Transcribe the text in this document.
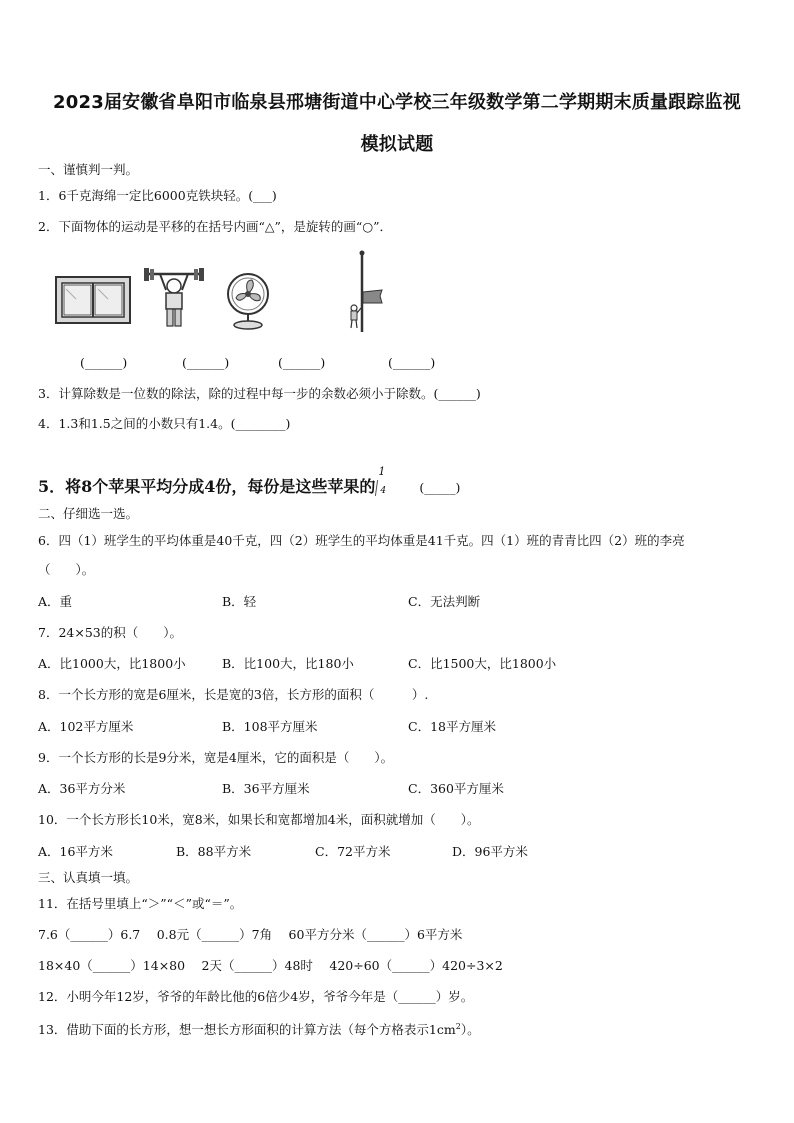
2023届安徽省阜阳市临泉县邢塘街道中心学校三年级数学第二学期期末质量跟踪监视
模拟试题
一、谨慎判一判。
1．6千克海绵一定比6000克铁块轻。(___)
2．下面物体的运动是平移的在括号内画“△”，是旋转的画“○”．
(______)	(______)	(______)	(______)
3．计算除数是一位数的除法，除的过程中每一步的余数必须小于除数。(______)
4．1.3和1.5之间的小数只有1.4。(________)
5．将8个苹果平均分成4份，每份是这些苹果的
1
4	(_____)
二、仔细选一选。
6．四（1）班学生的平均体重是40千克，四（2）班学生的平均体重是41千克。四（1）班的青青比四（2）班的李亮
（　　）。
A．重	B．轻	C．无法判断
7．24×53的积（　　）。
A．比1000大，比1800小	B．比100大，比180小	C．比1500大，比1800小
8．一个长方形的宽是6厘米，长是宽的3倍，长方形的面积（　　　）.
A．102平方厘米	B．108平方厘米	C．18平方厘米
9．一个长方形的长是9分米，宽是4厘米，它的面积是（　　）。
A．36平方分米	B．36平方厘米	C．360平方厘米
10．一个长方形长10米，宽8米，如果长和宽都增加4米，面积就增加（　　）。
A．16平方米	B．88平方米	C．72平方米	D．96平方米
三、认真填一填。
11．在括号里填上“＞”“＜”或“＝”。
7.6（______）6.7　 0.8元（______）7角　 60平方分米（______）6平方米
18×40（______）14×80　 2天（______）48时　 420÷60（______）420÷3×2
12．小明今年12岁，爷爷的年龄比他的6倍少4岁，爷爷今年是（______）岁。
13．借助下面的长方形，想一想长方形面积的计算方法（每个方格表示$1cm^2$）。
